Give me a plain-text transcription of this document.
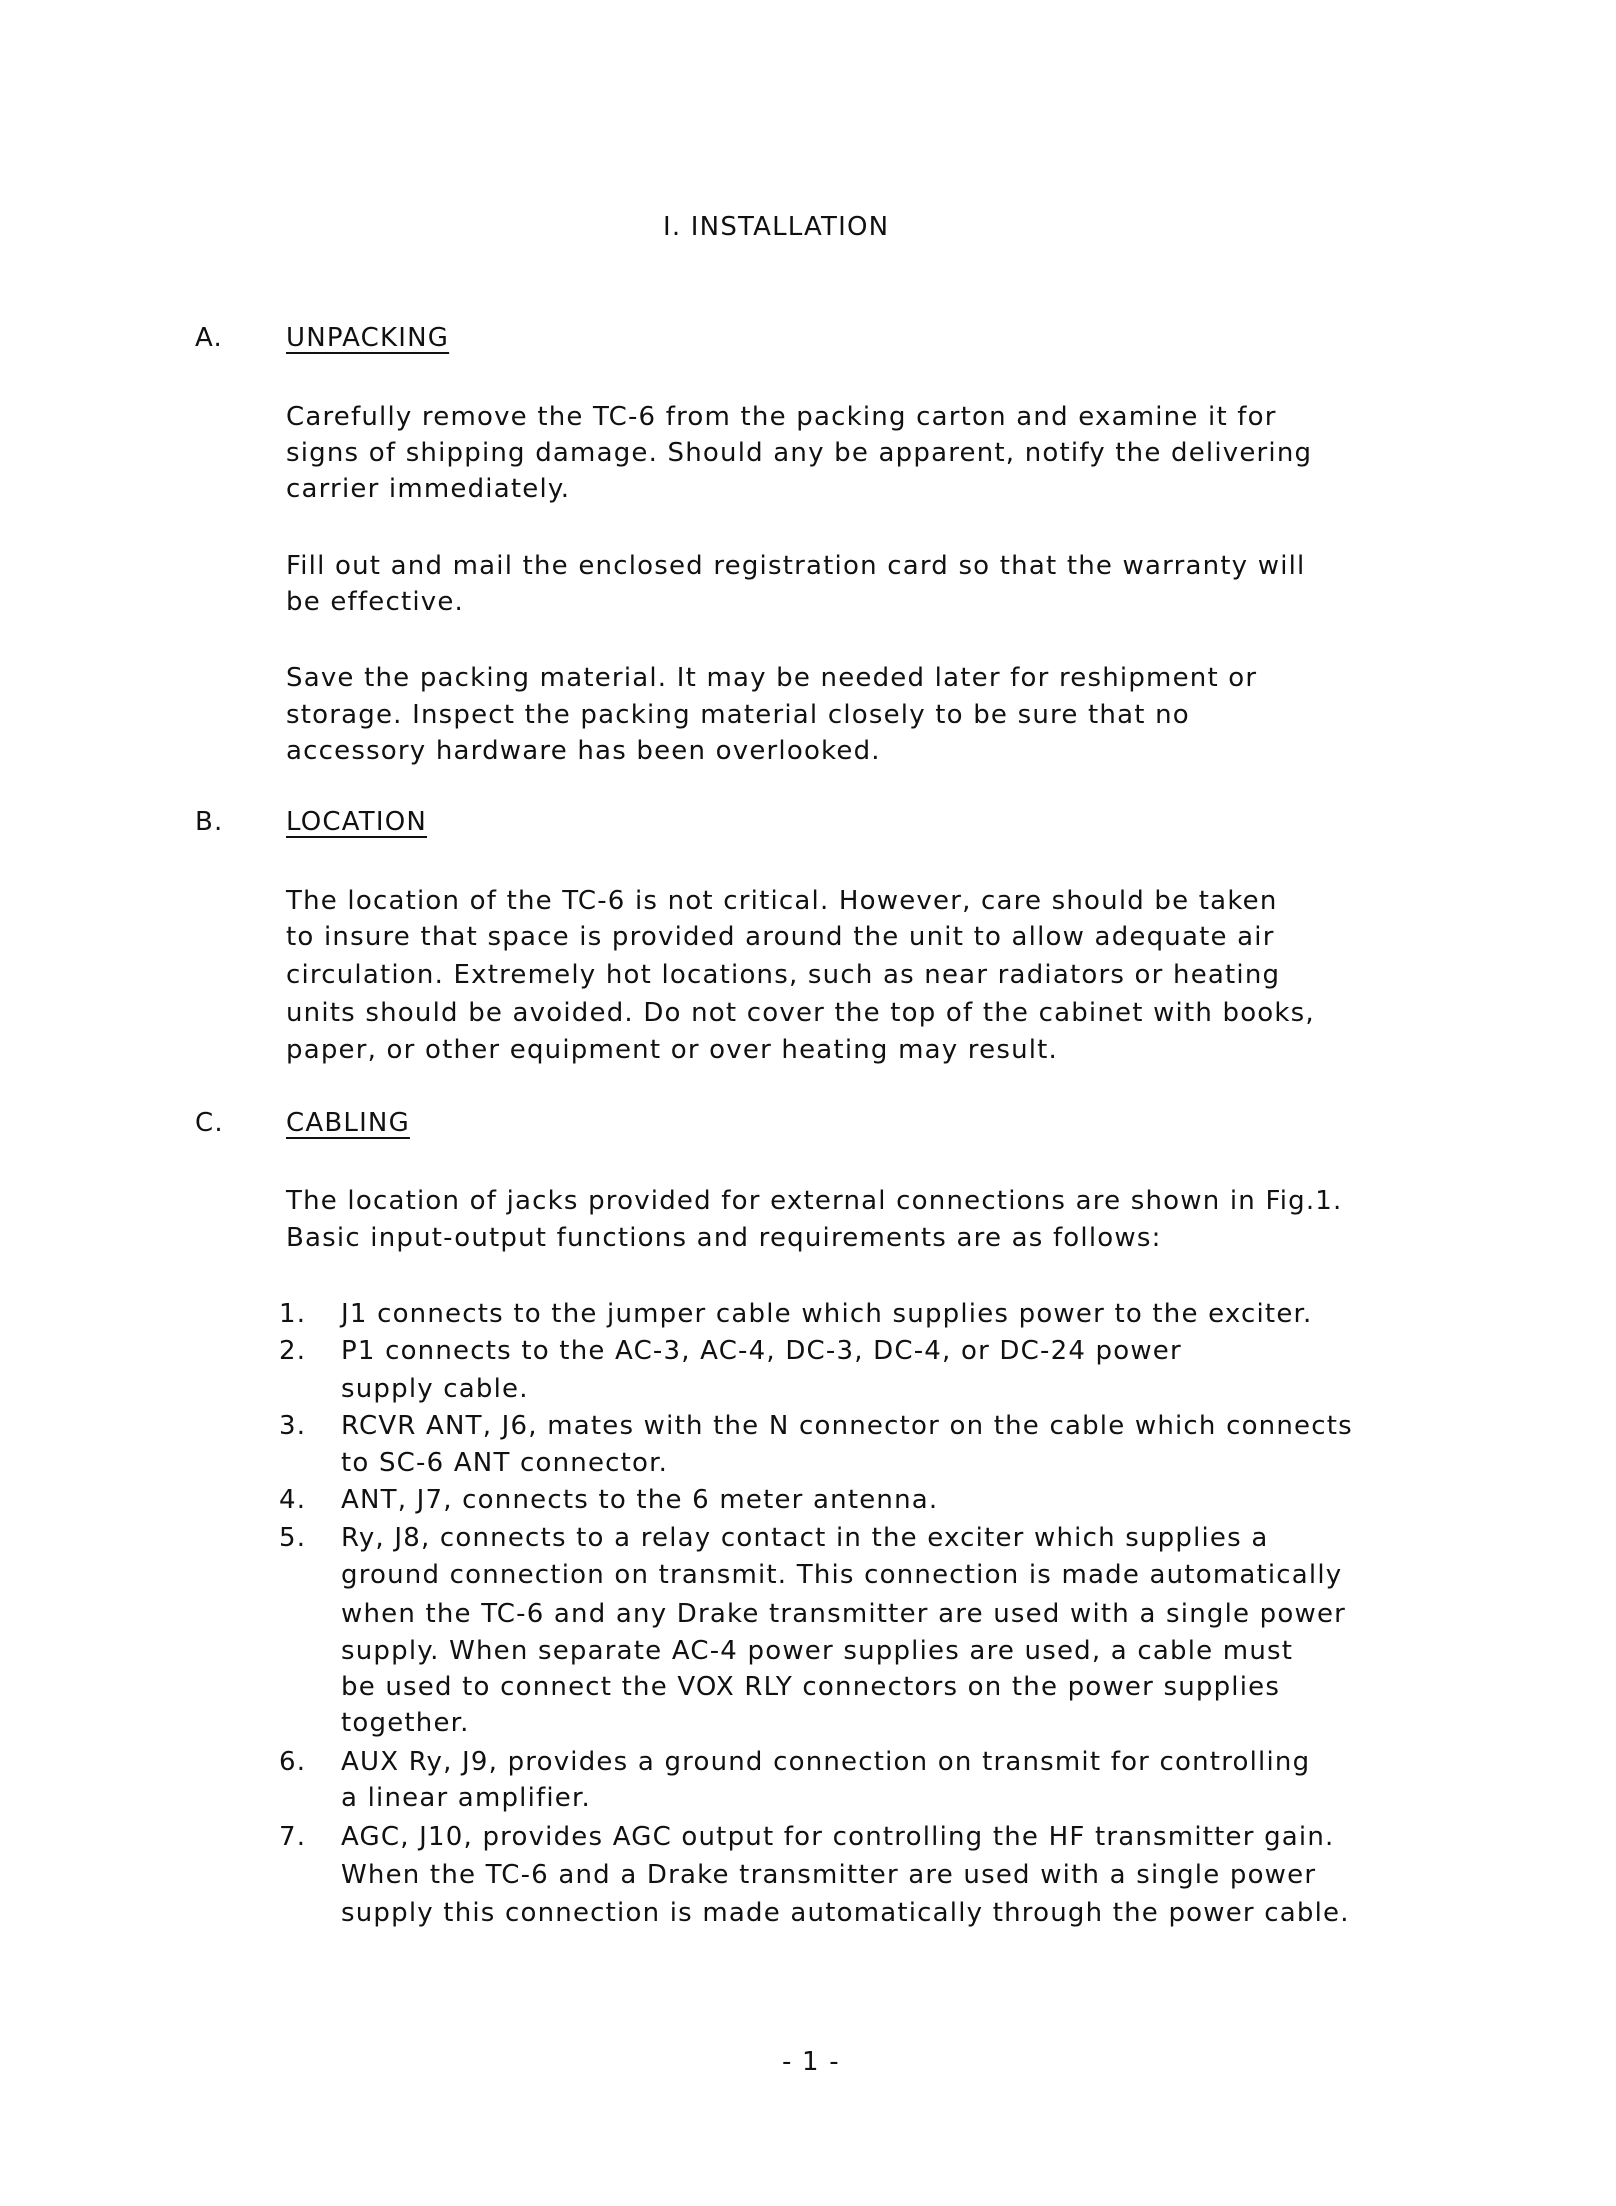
I. INSTALLATION
A. UNPACKING
Carefully remove the TC-6 from the packing carton and examine it for
signs of shipping damage. Should any be apparent, notify the delivering
carrier immediately.
Fill out and mail the enclosed registration card so that the warranty will
be effective.
Save the packing material. It may be needed later for reshipment or
storage. Inspect the packing material closely to be sure that no
accessory hardware has been overlooked.
B. LOCATION
The location of the TC-6 is not critical. However, care should be taken
to insure that space is provided around the unit to allow adequate air
circulation. Extremely hot locations, such as near radiators or heating
units should be avoided. Do not cover the top of the cabinet with books,
paper, or other equipment or over heating may result.
C. CABLING
The location of jacks provided for external connections are shown in Fig.1.
Basic input-output functions and requirements are as follows:
1. J1 connects to the jumper cable which supplies power to the exciter.
2. P1 connects to the AC-3, AC-4, DC-3, DC-4, or DC-24 power
supply cable.
3. RCVR ANT, J6, mates with the N connector on the cable which connects
to SC-6 ANT connector.
4. ANT, J7, connects to the 6 meter antenna.
5. Ry, J8, connects to a relay contact in the exciter which supplies a
ground connection on transmit. This connection is made automatically
when the TC-6 and any Drake transmitter are used with a single power
supply. When separate AC-4 power supplies are used, a cable must
be used to connect the VOX RLY connectors on the power supplies
together.
6. AUX Ry, J9, provides a ground connection on transmit for controlling
a linear amplifier.
7. AGC, J10, provides AGC output for controlling the HF transmitter gain.
When the TC-6 and a Drake transmitter are used with a single power
supply this connection is made automatically through the power cable.
- 1 -
